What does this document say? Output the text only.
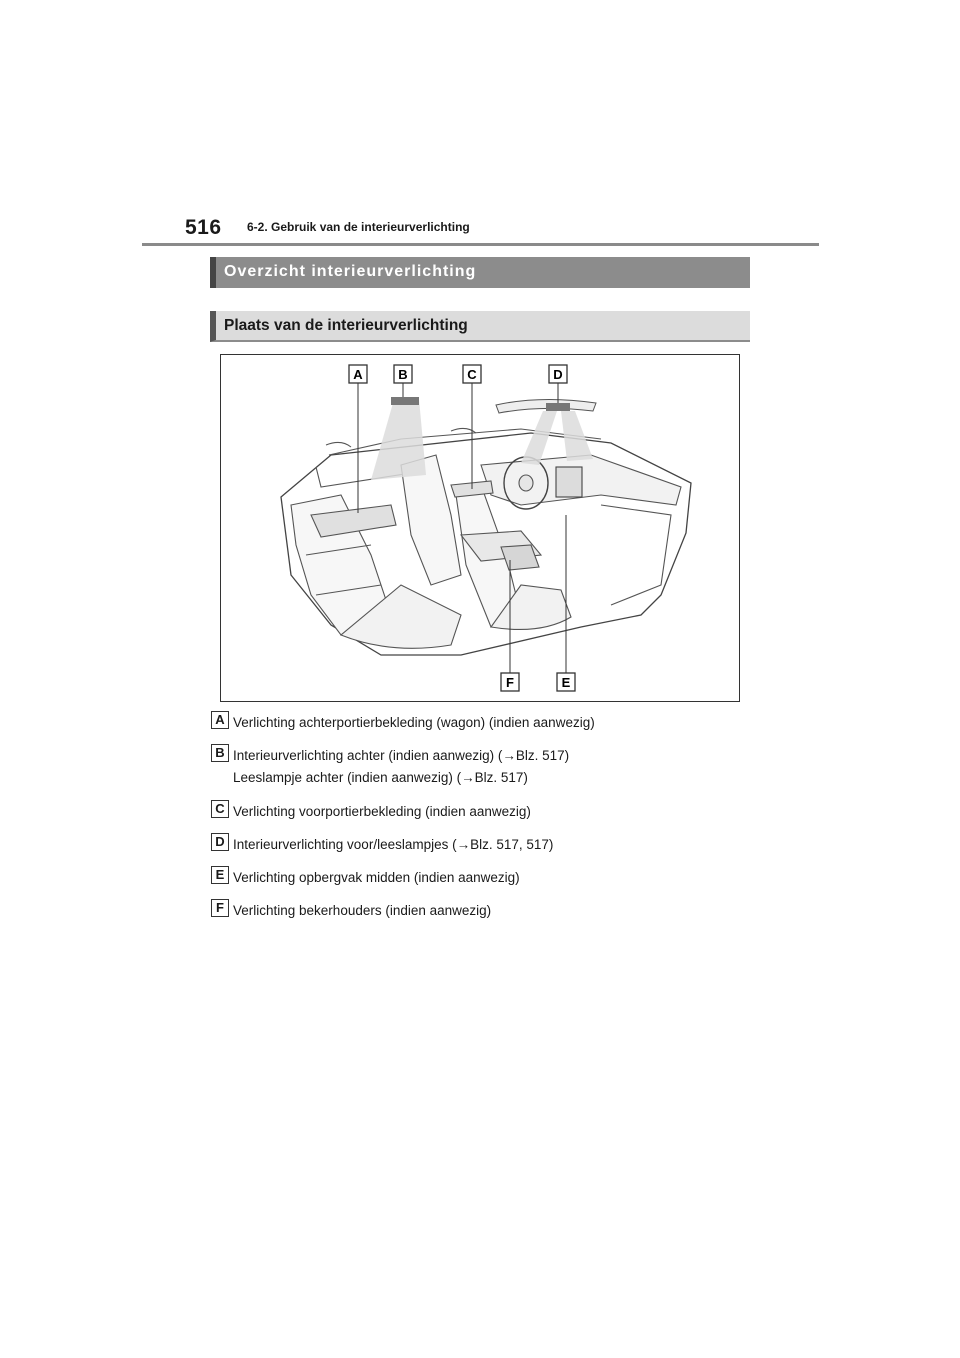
516 6-2. Gebruik van de interieurverlichting
Overzicht interieurverlichting
Plaats van de interieurverlichting
A	B	C	D
F	E
A Verlichting achterportierbekleding (wagon) (indien aanwezig)
B Interieurverlichting achter (indien aanwezig) (→Blz. 517)
Leeslampje achter (indien aanwezig) (→Blz. 517)
C Verlichting voorportierbekleding (indien aanwezig)
D Interieurverlichting voor/leeslampjes (→Blz. 517, 517)
E Verlichting opbergvak midden (indien aanwezig)
F Verlichting bekerhouders (indien aanwezig)
